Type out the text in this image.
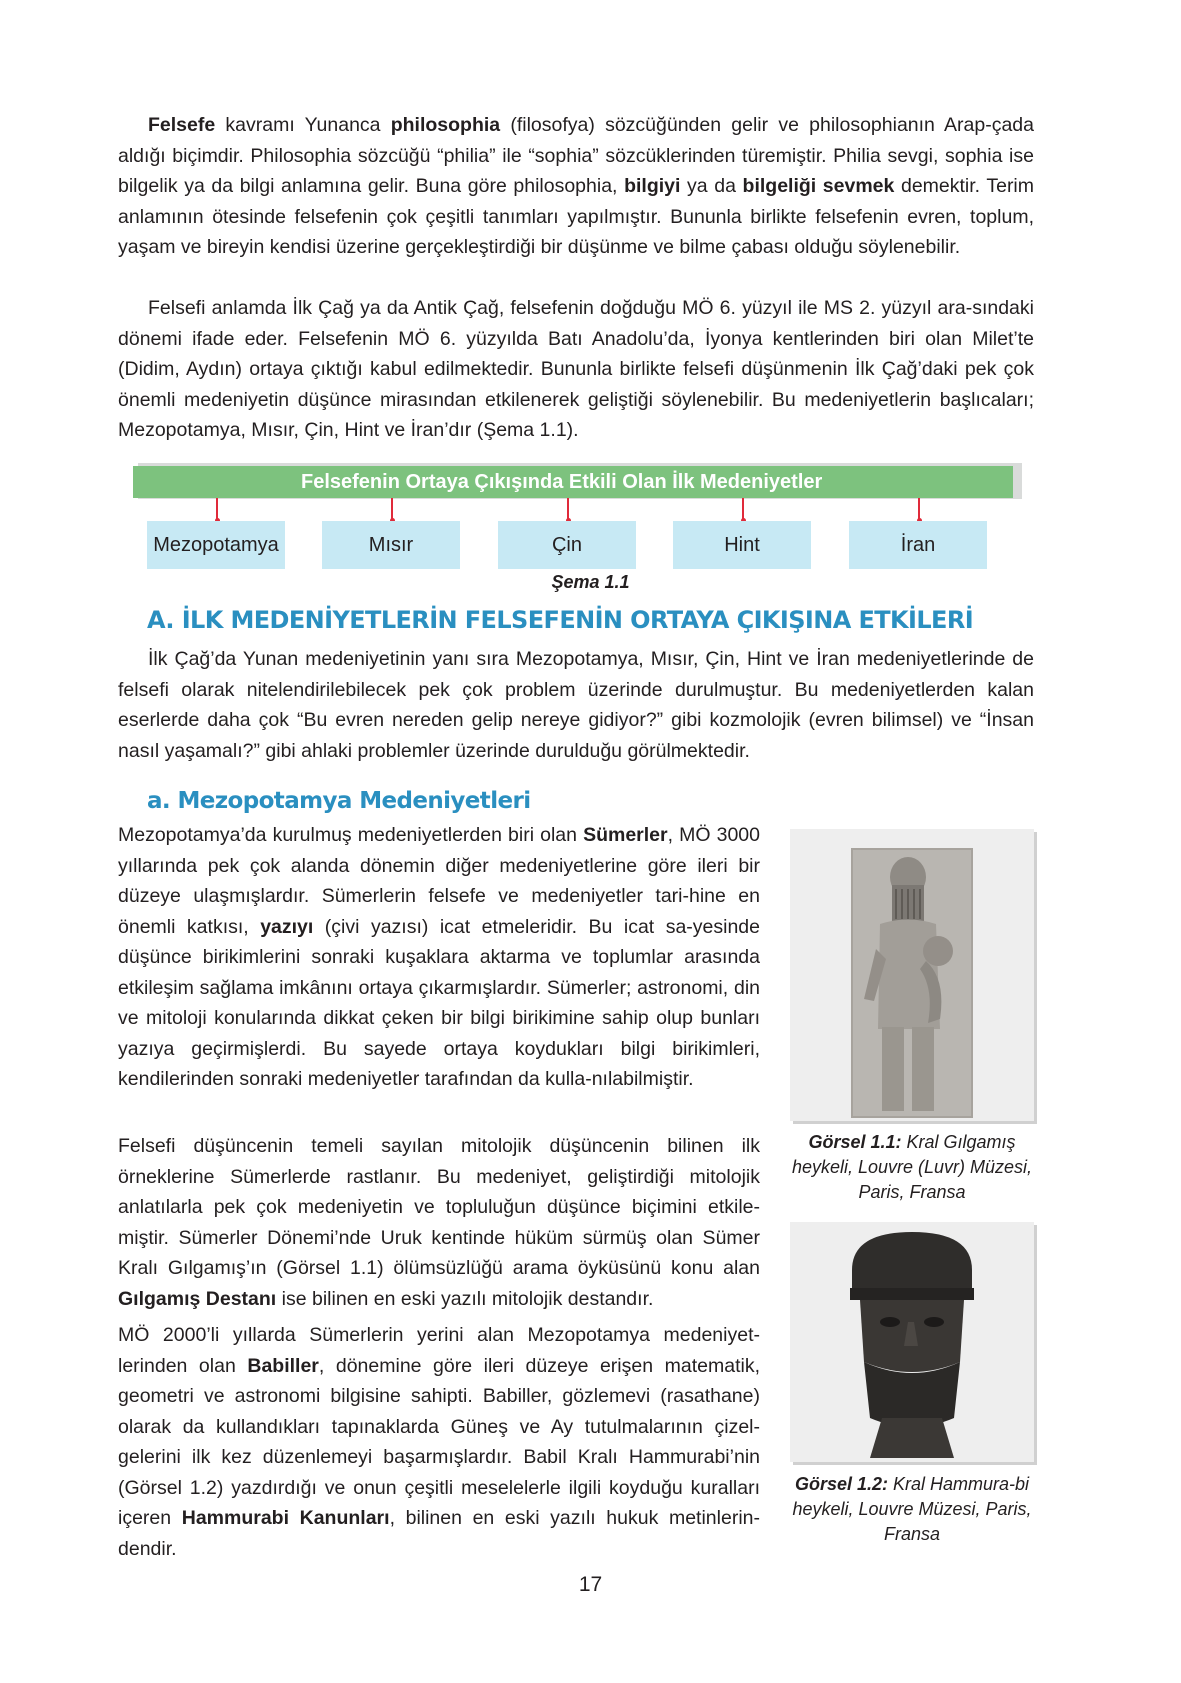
Felsefe kavramı Yunanca philosophia (filosofya) sözcüğünden gelir ve philosophianın Arap-çada aldığı biçimdir. Philosophia sözcüğü “philia” ile “sophia” sözcüklerinden türemiştir. Philia sevgi, sophia ise bilgelik ya da bilgi anlamına gelir. Buna göre philosophia, bilgiyi ya da bilgeliği sevmek demektir. Terim anlamının ötesinde felsefenin çok çeşitli tanımları yapılmıştır. Bununla birlikte felsefenin evren, toplum, yaşam ve bireyin kendisi üzerine gerçekleştirdiği bir düşünme ve bilme çabası olduğu söylenebilir.

Felsefi anlamda İlk Çağ ya da Antik Çağ, felsefenin doğduğu MÖ 6. yüzyıl ile MS 2. yüzyıl ara-sındaki dönemi ifade eder. Felsefenin MÖ 6. yüzyılda Batı Anadolu’da, İyonya kentlerinden biri olan Milet’te (Didim, Aydın) ortaya çıktığı kabul edilmektedir. Bununla birlikte felsefi düşünmenin İlk Çağ’daki pek çok önemli medeniyetin düşünce mirasından etkilenerek geliştiği söylenebilir. Bu medeniyetlerin başlıcaları; Mezopotamya, Mısır, Çin, Hint ve İran’dır (Şema 1.1).

Felsefenin Ortaya Çıkışında Etkili Olan İlk Medeniyetler
Mezopotamya	Mısır	Çin	Hint	İran
Şema 1.1
A. İLK MEDENİYETLERİN FELSEFENİN ORTAYA ÇIKIŞINA ETKİLERİ

İlk Çağ’da Yunan medeniyetinin yanı sıra Mezopotamya, Mısır, Çin, Hint ve İran medeniyetlerinde de felsefi olarak nitelendirilebilecek pek çok problem üzerinde durulmuştur. Bu medeniyetlerden kalan eserlerde daha çok “Bu evren nereden gelip nereye gidiyor?” gibi kozmolojik (evren bilimsel) ve “İnsan nasıl yaşamalı?” gibi ahlaki problemler üzerinde durulduğu görülmektedir.

a. Mezopotamya Medeniyetleri

Mezopotamya’da kurulmuş medeniyetlerden biri olan Sümerler, MÖ 3000 yıllarında pek çok alanda dönemin diğer medeniyetlerine göre ileri bir düzeye ulaşmışlardır. Sümerlerin felsefe ve medeniyetler tari-hine en önemli katkısı, yazıyı (çivi yazısı) icat etmeleridir. Bu icat sa-yesinde düşünce birikimlerini sonraki kuşaklara aktarma ve toplumlar arasında etkileşim sağlama imkânını ortaya çıkarmışlardır. Sümerler; astronomi, din ve mitoloji konularında dikkat çeken bir bilgi birikimine sahip olup bunları yazıya geçirmişlerdi. Bu sayede ortaya koydukları bilgi birikimleri, kendilerinden sonraki medeniyetler tarafından da kulla-nılabilmiştir.

Felsefi düşüncenin temeli sayılan mitolojik düşüncenin bilinen ilk örneklerine Sümerlerde rastlanır. Bu medeniyet, geliştirdiği mitolojik anlatılarla pek çok medeniyetin ve topluluğun düşünce biçimini etkile-miştir. Sümerler Dönemi’nde Uruk kentinde hüküm sürmüş olan Sümer Kralı Gılgamış’ın (Görsel 1.1) ölümsüzlüğü arama öyküsünü konu alan Gılgamış Destanı ise bilinen en eski yazılı mitolojik destandır.

MÖ 2000’li yıllarda Sümerlerin yerini alan Mezopotamya medeniyet-lerinden olan Babiller, dönemine göre ileri düzeye erişen matematik, geometri ve astronomi bilgisine sahipti. Babiller, gözlemevi (rasathane) olarak da kullandıkları tapınaklarda Güneş ve Ay tutulmalarının çizel-gelerini ilk kez düzenlemeyi başarmışlardır. Babil Kralı Hammurabi’nin (Görsel 1.2) yazdırdığı ve onun çeşitli meselelerle ilgili koyduğu kuralları içeren Hammurabi Kanunları, bilinen en eski yazılı hukuk metinlerin-dendir.

Görsel 1.1: Kral Gılgamış heykeli, Louvre (Luvr) Müzesi, Paris, Fransa
Görsel 1.2: Kral Hammura-bi heykeli, Louvre Müzesi, Paris, Fransa
17
